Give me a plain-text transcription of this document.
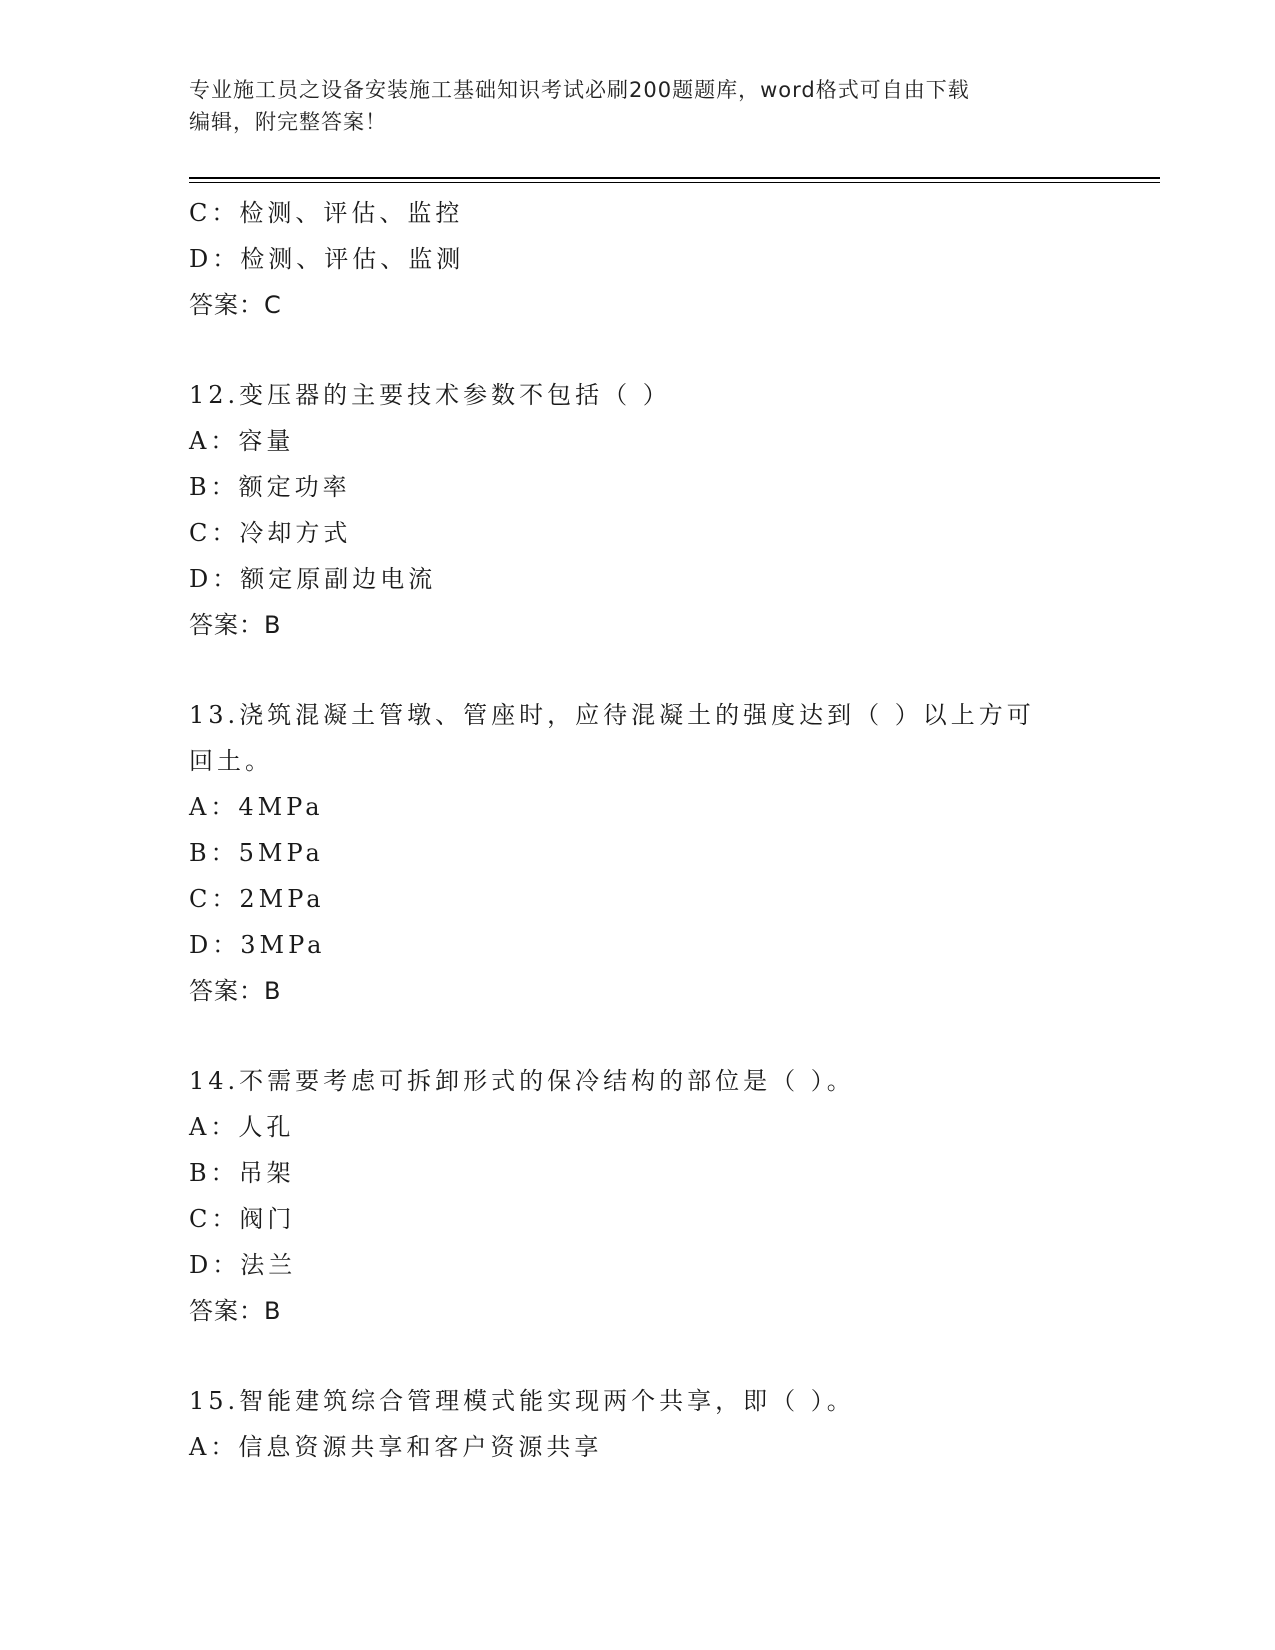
专业施工员之设备安装施工基础知识考试必刷200题题库，word格式可自由下载
编辑，附完整答案！
C：检测、评估、监控
D：检测、评估、监测
答案：C
12.变压器的主要技术参数不包括（ ）
A：容量
B：额定功率
C：冷却方式
D：额定原副边电流
答案：B
13.浇筑混凝土管墩、管座时，应待混凝土的强度达到（ ）以上方可
回土。
A：4MPa
B：5MPa
C：2MPa
D：3MPa
答案：B
14.不需要考虑可拆卸形式的保冷结构的部位是（ ）。
A：人孔
B：吊架
C：阀门
D：法兰
答案：B
15.智能建筑综合管理模式能实现两个共享，即（ ）。
A：信息资源共享和客户资源共享
